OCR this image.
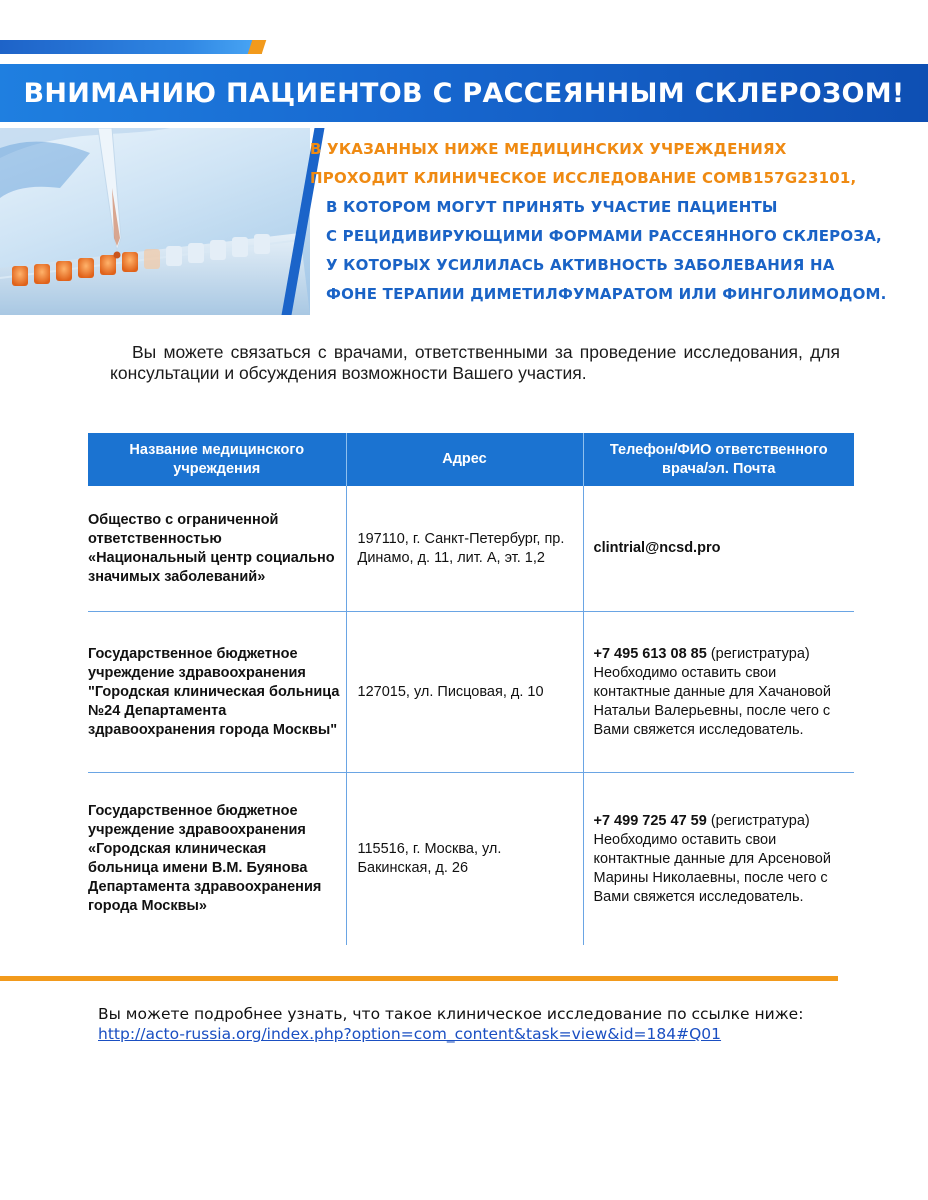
ВНИМАНИЮ ПАЦИЕНТОВ С РАССЕЯННЫМ СКЛЕРОЗОМ!
В УКАЗАННЫХ НИЖЕ МЕДИЦИНСКИХ УЧРЕЖДЕНИЯХ
ПРОХОДИТ КЛИНИЧЕСКОЕ ИССЛЕДОВАНИЕ COMB157G23101,
В КОТОРОМ МОГУТ ПРИНЯТЬ УЧАСТИЕ ПАЦИЕНТЫ
С РЕЦИДИВИРУЮЩИМИ ФОРМАМИ РАССЕЯННОГО СКЛЕРОЗА,
У КОТОРЫХ УСИЛИЛАСЬ АКТИВНОСТЬ ЗАБОЛЕВАНИЯ НА
ФОНЕ ТЕРАПИИ ДИМЕТИЛФУМАРАТОМ ИЛИ ФИНГОЛИМОДОМ.
Вы можете связаться с врачами, ответственными за проведение исследования, для консультации и обсуждения возможности Вашего участия.
Название медицинского учреждения	Адрес	Телефон/ФИО ответственного врача/эл. Почта
Общество с ограниченной ответственностью «Национальный центр социально значимых заболеваний»	197110, г. Санкт-Петербург, пр. Динамо, д. 11, лит. А, эт. 1,2	clintrial@ncsd.pro
Государственное бюджетное учреждение здравоохранения "Городская клиническая больница №24 Департамента здравоохранения города Москвы"	127015, ул. Писцовая, д. 10	+7 495 613 08 85 (регистратура)
Необходимо оставить свои контактные данные для Хачановой Натальи Валерьевны, после чего с Вами свяжется исследователь.
Государственное бюджетное учреждение здравоохранения «Городская клиническая больница имени В.М. Буянова Департамента здравоохранения города Москвы»	115516, г. Москва, ул. Бакинская, д. 26	+7 499 725 47 59 (регистратура)
Необходимо оставить свои контактные данные для Арсеновой Марины Николаевны, после чего с Вами свяжется исследователь.
Вы можете подробнее узнать, что такое клиническое исследование по ссылке ниже:
http://acto-russia.org/index.php?option=com_content&task=view&id=184#Q01
